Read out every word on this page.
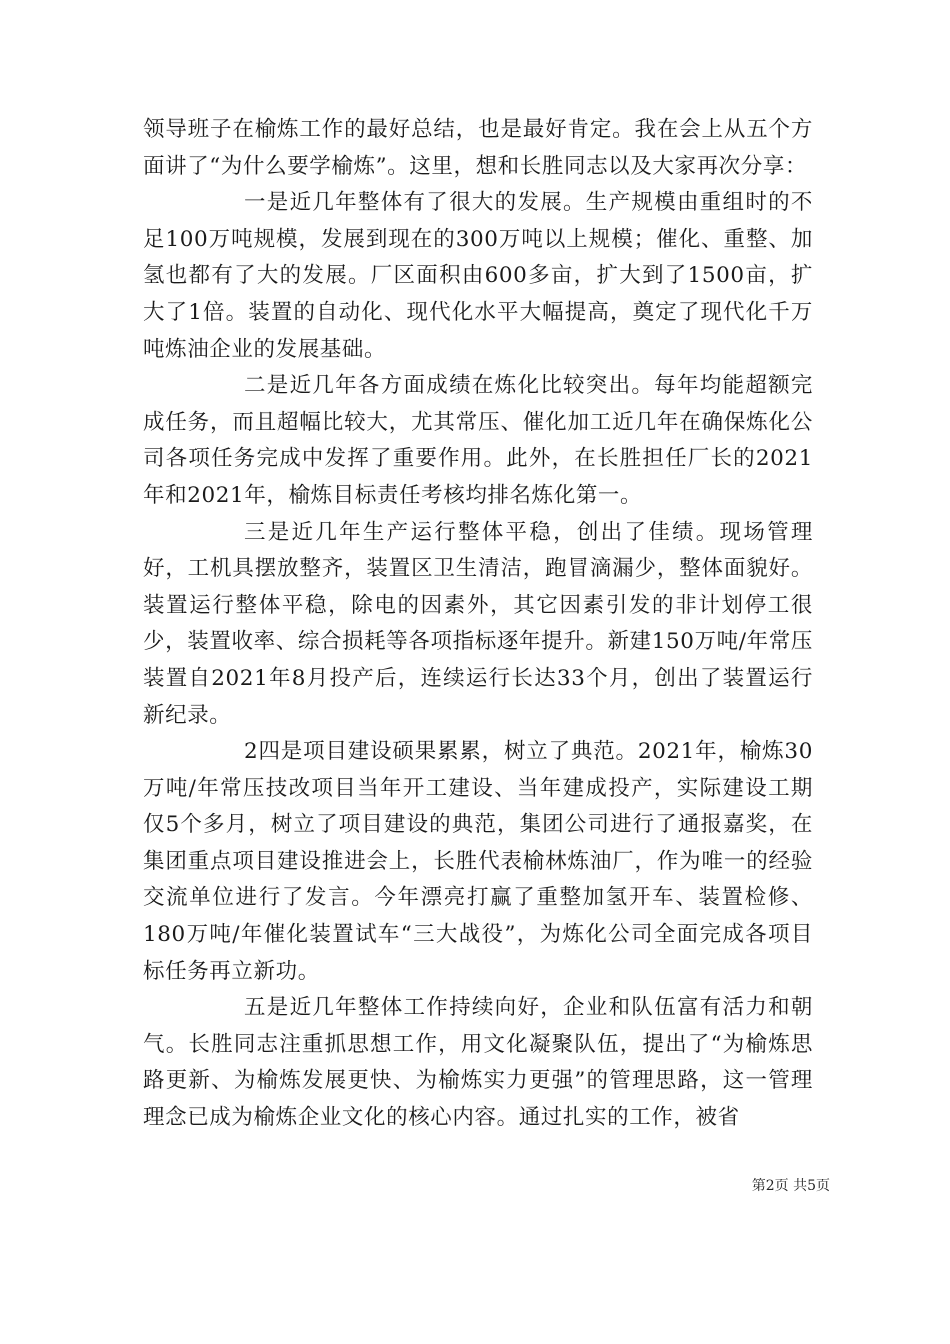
领导班子在榆炼工作的最好总结，也是最好肯定。我在会上从五个方面讲了“为什么要学榆炼”。这里，想和长胜同志以及大家再次分享：

一是近几年整体有了很大的发展。生产规模由重组时的不足100万吨规模，发展到现在的300万吨以上规模；催化、重整、加氢也都有了大的发展。厂区面积由600多亩，扩大到了1500亩，扩大了1倍。装置的自动化、现代化水平大幅提高，奠定了现代化千万吨炼油企业的发展基础。

二是近几年各方面成绩在炼化比较突出。每年均能超额完成任务，而且超幅比较大，尤其常压、催化加工近几年在确保炼化公司各项任务完成中发挥了重要作用。此外，在长胜担任厂长的2021年和2021年，榆炼目标责任考核均排名炼化第一。

三是近几年生产运行整体平稳，创出了佳绩。现场管理好，工机具摆放整齐，装置区卫生清洁，跑冒滴漏少，整体面貌好。装置运行整体平稳，除电的因素外，其它因素引发的非计划停工很少，装置收率、综合损耗等各项指标逐年提升。新建150万吨/年常压装置自2021年8月投产后，连续运行长达33个月，创出了装置运行新纪录。

2四是项目建设硕果累累，树立了典范。2021年，榆炼30万吨/年常压技改项目当年开工建设、当年建成投产，实际建设工期仅5个多月，树立了项目建设的典范，集团公司进行了通报嘉奖，在集团重点项目建设推进会上，长胜代表榆林炼油厂，作为唯一的经验交流单位进行了发言。今年漂亮打赢了重整加氢开车、装置检修、180万吨/年催化装置试车“三大战役”，为炼化公司全面完成各项目标任务再立新功。

五是近几年整体工作持续向好，企业和队伍富有活力和朝气。长胜同志注重抓思想工作，用文化凝聚队伍，提出了“为榆炼思路更新、为榆炼发展更快、为榆炼实力更强”的管理思路，这一管理理念已成为榆炼企业文化的核心内容。通过扎实的工作，被省

第2页 共5页
